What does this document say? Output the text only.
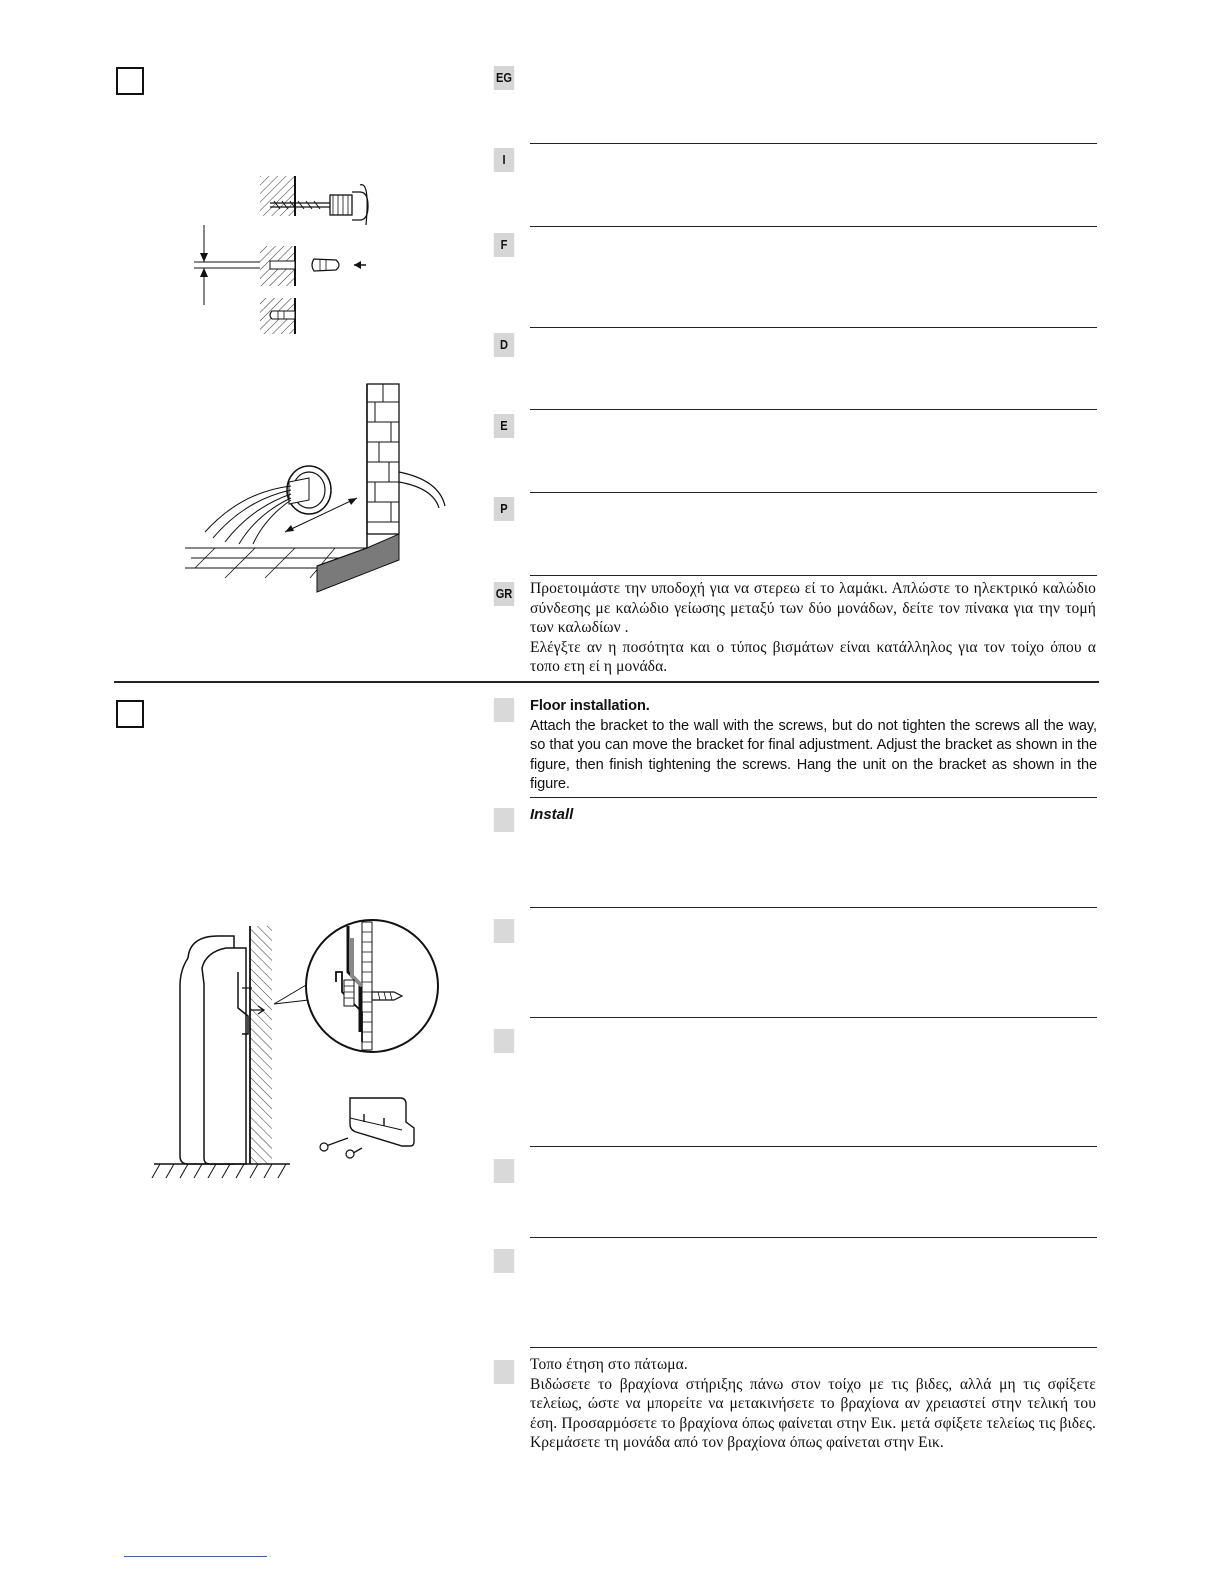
EG
I
F
D
E
P
GR Προετοιμάστε την υποδοχή για να στερεω εί το λαμάκι. Απλώστε το ηλεκτρικό καλώδιο σύνδεσης με καλώδιο γείωσης μεταξύ των δύο μονάδων, δείτε τον πίνακα για την τομή των καλωδίων .
Ελέγξτε αν η ποσότητα και ο τύπος βισμάτων είναι κατάλληλος για τον τοίχο όπου α τοπο ετη εί η μονάδα.
Floor installation.
Attach the bracket to the wall with the screws, but do not tighten the screws all the way, so that you can move the bracket for final adjustment. Adjust the bracket as shown in the figure, then finish tightening the screws. Hang the unit on the bracket as shown in the figure.
Install
Τοπο έτηση στο πάτωμα.
Βιδώσετε το βραχίονα στήριξης πάνω στον τοίχο με τις βιδες, αλλά μη τις σφίξετε τελείως, ώστε να μπορείτε να μετακινήσετε το βραχίονα αν χρειαστεί στην τελική του έση. Προσαρμόσετε το βραχίονα όπως φαίνεται στην Εικ. μετά σφίξετε τελείως τις βιδες. Κρεμάσετε τη μονάδα από τον βραχίονα όπως φαίνεται στην Εικ.
